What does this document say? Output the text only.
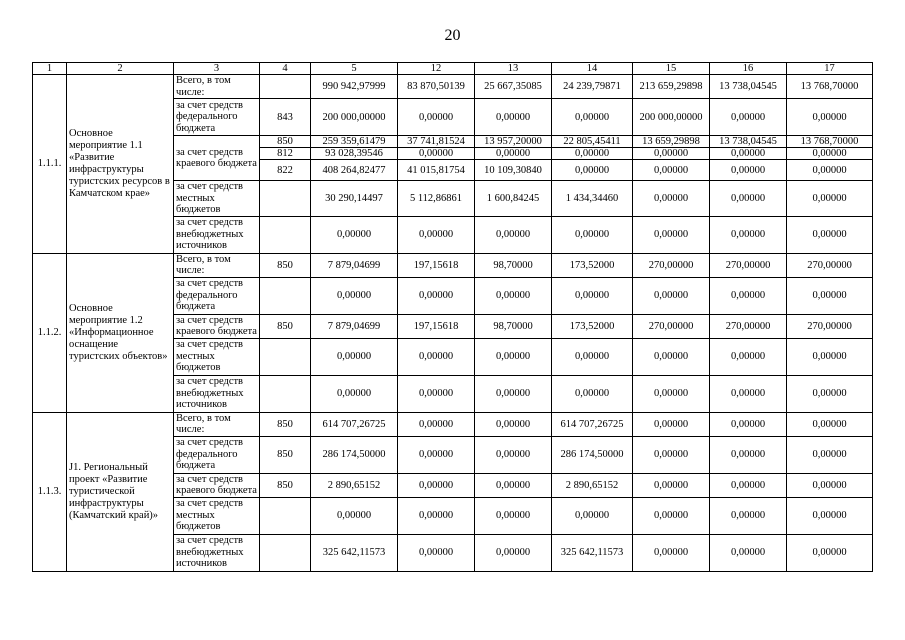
20
1	2	3	4	5	12	13	14	15	16	17
1.1.1.	Основное мероприятие 1.1 «Развитие инфраструктуры туристских ресурсов в Камчатском крае»	Всего, в том числе:		990 942,97999	83 870,50139	25 667,35085	24 239,79871	213 659,29898	13 738,04545	13 768,70000
		за счет средств федерального бюджета	843	200 000,00000	0,00000	0,00000	0,00000	200 000,00000	0,00000	0,00000
		за счет средств краевого бюджета	850	259 359,61479	37 741,81524	13 957,20000	22 805,45411	13 659,29898	13 738,04545	13 768,70000
			812	93 028,39546	0,00000	0,00000	0,00000	0,00000	0,00000	0,00000
			822	408 264,82477	41 015,81754	10 109,30840	0,00000	0,00000	0,00000	0,00000
		за счет средств местных бюджетов		30 290,14497	5 112,86861	1 600,84245	1 434,34460	0,00000	0,00000	0,00000
		за счет средств внебюджетных источников		0,00000	0,00000	0,00000	0,00000	0,00000	0,00000	0,00000
1.1.2.	Основное мероприятие 1.2 «Информационное оснащение туристских объектов»	Всего, в том числе:	850	7 879,04699	197,15618	98,70000	173,52000	270,00000	270,00000	270,00000
		за счет средств федерального бюджета		0,00000	0,00000	0,00000	0,00000	0,00000	0,00000	0,00000
		за счет средств краевого бюджета	850	7 879,04699	197,15618	98,70000	173,52000	270,00000	270,00000	270,00000
		за счет средств местных бюджетов		0,00000	0,00000	0,00000	0,00000	0,00000	0,00000	0,00000
		за счет средств внебюджетных источников		0,00000	0,00000	0,00000	0,00000	0,00000	0,00000	0,00000
1.1.3.	J1. Региональный проект «Развитие туристической инфраструктуры (Камчатский край)»	Всего, в том числе:	850	614 707,26725	0,00000	0,00000	614 707,26725	0,00000	0,00000	0,00000
		за счет средств федерального бюджета	850	286 174,50000	0,00000	0,00000	286 174,50000	0,00000	0,00000	0,00000
		за счет средств краевого бюджета	850	2 890,65152	0,00000	0,00000	2 890,65152	0,00000	0,00000	0,00000
		за счет средств местных бюджетов		0,00000	0,00000	0,00000	0,00000	0,00000	0,00000	0,00000
		за счет средств внебюджетных источников		325 642,11573	0,00000	0,00000	325 642,11573	0,00000	0,00000	0,00000
